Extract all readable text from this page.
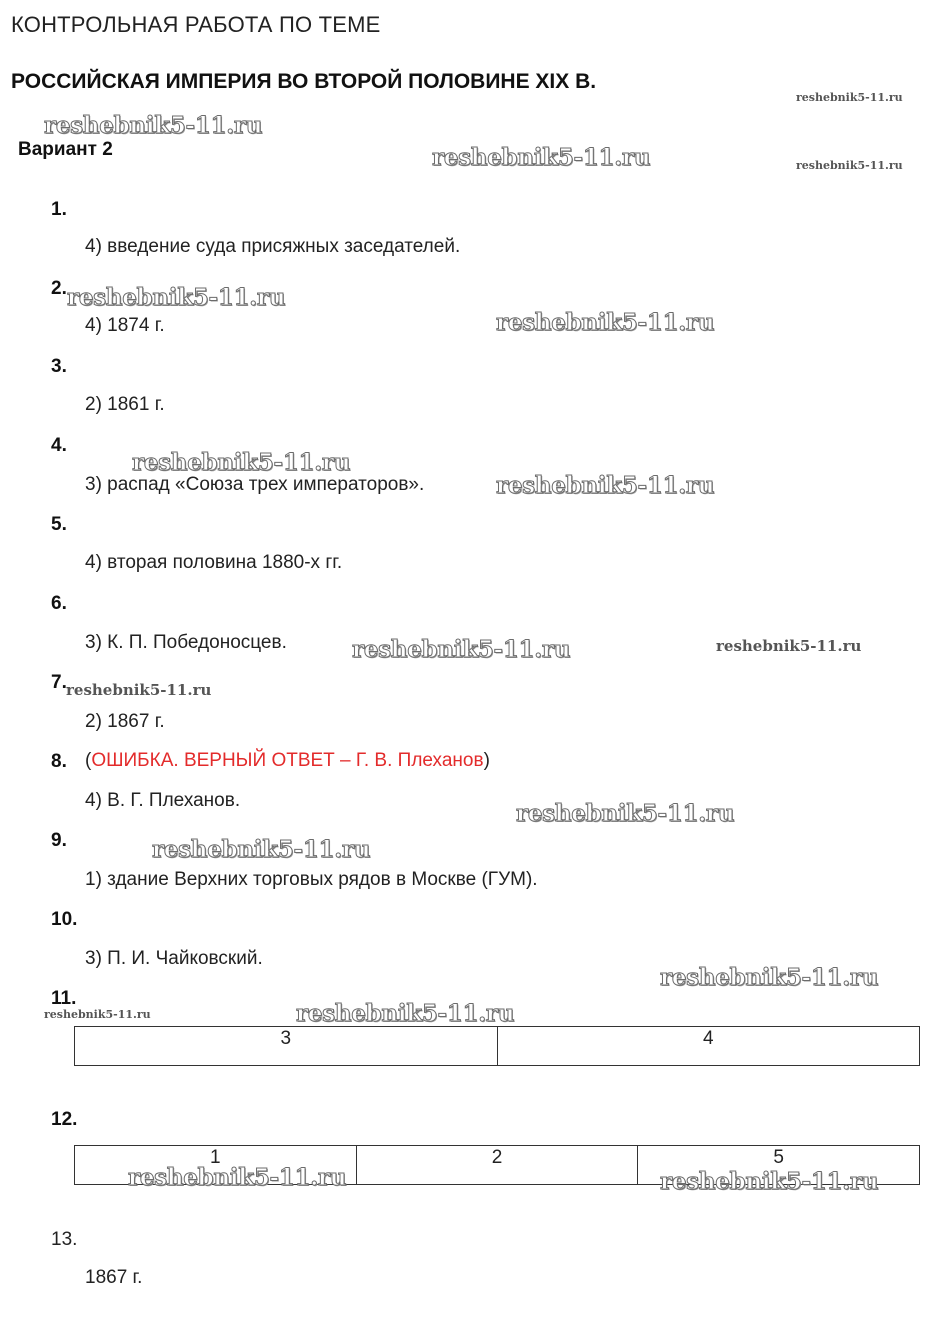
КОНТРОЛЬНАЯ РАБОТА ПО ТЕМЕ
РОССИЙСКАЯ ИМПЕРИЯ ВО ВТОРОЙ ПОЛОВИНЕ XIX В.
Вариант 2
1.
4) введение суда присяжных заседателей.
2.
4) 1874 г.
3.
2) 1861 г.
4.
3) распад «Союза трех императоров».
5.
4) вторая половина 1880-х гг.
6.
3) К. П. Победоносцев.
7.
2) 1867 г.
8. (ОШИБКА. ВЕРНЫЙ ОТВЕТ – Г. В. Плеханов)
4) В. Г. Плеханов.
9.
1) здание Верхних торговых рядов в Москве (ГУМ).
10.
3) П. И. Чайковский.
11.
3	4
12.
1	2	5
13.
1867 г.
reshebnik5-11.ru
reshebnik5-11.ru
reshebnik5-11.ru
reshebnik5-11.ru
reshebnik5-11.ru
reshebnik5-11.ru
reshebnik5-11.ru
reshebnik5-11.ru
reshebnik5-11.ru	reshebnik5-11.ru
reshebnik5-11.ru
reshebnik5-11.ru
reshebnik5-11.ru
reshebnik5-11.ru
reshebnik5-11.ru
reshebnik5-11.ru
reshebnik5-11.ru	reshebnik5-11.ru
